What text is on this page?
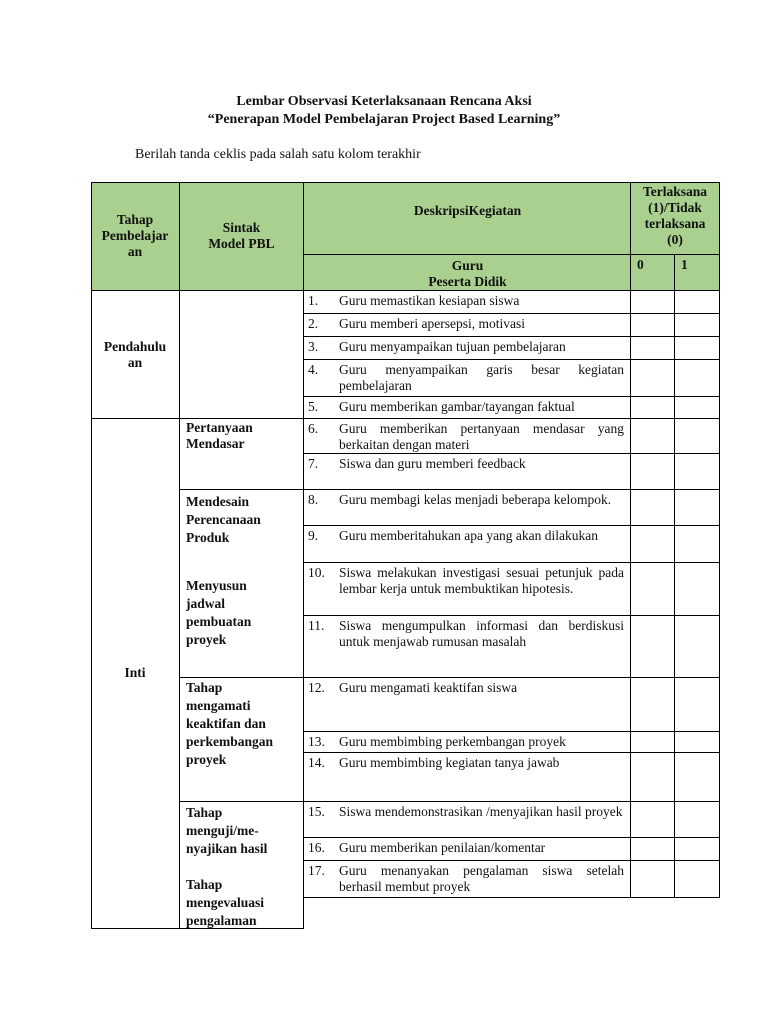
Lembar Observasi Keterlaksanaan Rencana Aksi
“Penerapan Model Pembelajaran Project Based Learning”
Berilah tanda ceklis pada salah satu kolom terakhir
Tahap
Pembelajar
an
Sintak
Model PBL
DeskripsiKegiatan
Guru
Peserta Didik
Terlaksana
(1)/Tidak
terlaksana
(0)
0	1
Pendahulu
an
Inti
Pertanyaan
Mendasar
Mendesain
Perencanaan
Produk
Menyusun
jadwal
pembuatan
proyek
Tahap
mengamati
keaktifan dan
perkembangan
proyek
Tahap
menguji/me-
nyajikan hasil
Tahap
mengevaluasi
pengalaman
1. Guru memastikan kesiapan siswa
2. Guru memberi apersepsi, motivasi
3. Guru menyampaikan tujuan pembelajaran
4. Guru menyampaikan garis besar kegiatan pembelajaran
5. Guru memberikan gambar/tayangan faktual
6. Guru memberikan pertanyaan mendasar yang berkaitan dengan materi
7. Siswa dan guru memberi feedback
8. Guru membagi kelas menjadi beberapa kelompok.
9. Guru memberitahukan apa yang akan dilakukan
10. Siswa melakukan investigasi sesuai petunjuk pada lembar kerja untuk membuktikan hipotesis.
11. Siswa mengumpulkan informasi dan berdiskusi untuk menjawab rumusan masalah
12. Guru mengamati keaktifan siswa
13. Guru membimbing perkembangan proyek
14. Guru membimbing kegiatan tanya jawab
15. Siswa mendemonstrasikan /menyajikan hasil proyek
16. Guru memberikan penilaian/komentar
17. Guru menanyakan pengalaman siswa setelah berhasil membut proyek
